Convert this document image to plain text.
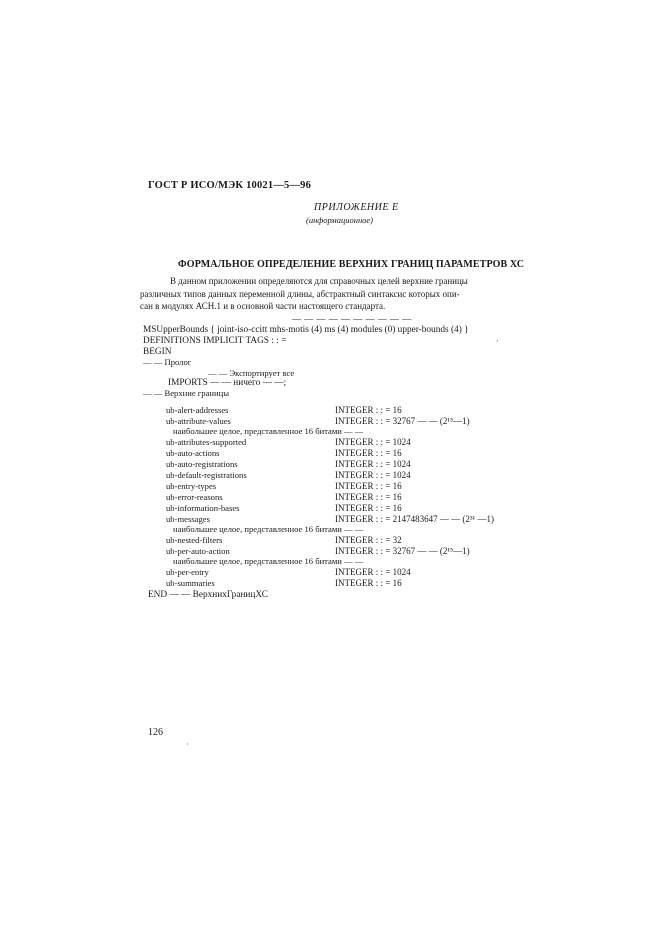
ГОСТ Р ИСО/МЭК 10021—5—96
ПРИЛОЖЕНИЕ Е
(информационное)
ФОРМАЛЬНОЕ ОПРЕДЕЛЕНИЕ ВЕРХНИХ ГРАНИЦ ПАРАМЕТРОВ ХС
В данном приложении определяются для справочных целей верхние границы
различных типов данных переменной длины, абстрактный синтаксис которых опи-
сан в модулях АСН.1 и в основной части настоящего стандарта.
— — — — — — — — — —
MSUpperBounds { joint-iso-ccitt mhs-motis (4) ms (4) modules (0) upper-bounds (4) }
DEFINITIONS IMPLICIT TAGS : : =
BEGIN
— — Пролог
— — Экспортирует все
IMPORTS — — ничего — —;
— — Верхние границы
·
ub-alert-addresses	INTEGER : : = 16
ub-attribute-values	INTEGER : : = 32767 — — (2¹⁵—1)
наибольшее целое, представленное 16 битами — —
ub-attributes-supported	INTEGER : : = 1024
ub-auto-actions	INTEGER : : = 16
ub-auto-registrations	INTEGER : : = 1024
ub-default-registrations	INTEGER : : = 1024
ub-entry-types	INTEGER : : = 16
ub-error-reasons	INTEGER : : = 16
ub-information-bases	INTEGER : : = 16
ub-messages	INTEGER : : = 2147483647 — — (2³¹ —1)
наибольшее целое, представленное 16 битами — —
ub-nested-filters	INTEGER : : = 32
ub-per-auto-action	INTEGER : : = 32767 — — (2¹⁵—1)
наибольшее целое, представленное 16 битами — —
ub-per-entry	INTEGER : : = 1024
ub-summaries	INTEGER : : = 16
END — — ВерхнихГраницХС
126
·
